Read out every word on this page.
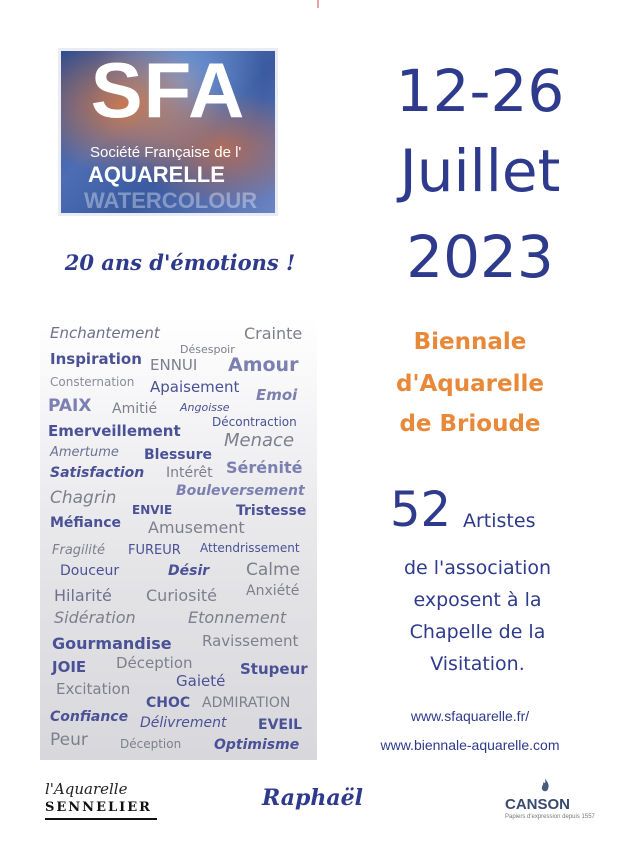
SFA
Société Française de l'
AQUARELLE
WATERCOLOUR
20 ans d'émotions !
12-26
Juillet
2023
Biennale
d'Aquarelle
de Brioude
52 Artistes
de l'association
exposent à la
Chapelle de la
Visitation.
www.sfaquarelle.fr/
www.biennale-aquarelle.com
Enchantement	Crainte
Désespoir
Inspiration ENNUI Amour
Consternation Apaisement Emoi
PAIX Amitié Angoisse
Décontraction
Emerveillement Menace
Amertume Blessure
Satisfaction Intérêt Sérénité
Chagrin	Bouleversement
ENVIE	Tristesse
Méfiance Amusement
Fragilité FUREUR Attendrissement
Douceur	Désir Calme
Hilarité Curiosité Anxiété
Sidération	Etonnement
Gourmandise Ravissement
JOIE Déception	Stupeur
Excitation	Gaieté
CHOC ADMIRATION
Confiance Délivrement EVEIL
Peur	Déception Optimisme
l'Aquarelle
SENNELIER	Raphaël	CANSON
Papiers d'expression depuis 1557
